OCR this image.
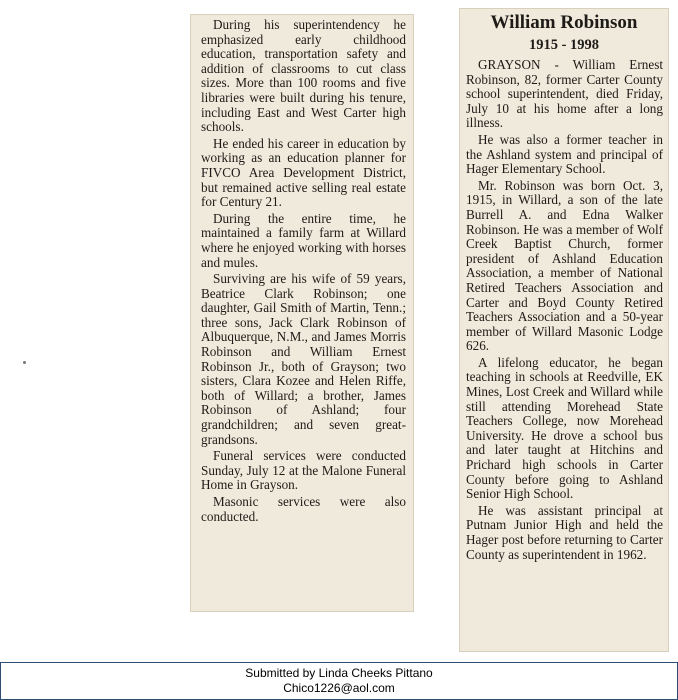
During his superintendency he emphasized early childhood education, transportation safety and addition of classrooms to cut class sizes. More than 100 rooms and five libraries were built during his tenure, including East and West Carter high schools.

He ended his career in education by working as an education planner for FIVCO Area Development District, but remained active selling real estate for Century 21.

During the entire time, he maintained a family farm at Willard where he enjoyed working with horses and mules.

Surviving are his wife of 59 years, Beatrice Clark Robinson; one daughter, Gail Smith of Martin, Tenn.; three sons, Jack Clark Robinson of Albuquerque, N.M., and James Morris Robinson and William Ernest Robinson Jr., both of Grayson; two sisters, Clara Kozee and Helen Riffe, both of Willard; a brother, James Robinson of Ashland; four grandchildren; and seven great-grandsons.

Funeral services were conducted Sunday, July 12 at the Malone Funeral Home in Grayson.

Masonic services were also conducted.

William Robinson
1915 - 1998

GRAYSON - William Ernest Robinson, 82, former Carter County school superintendent, died Friday, July 10 at his home after a long illness.

He was also a former teacher in the Ashland system and principal of Hager Elementary School.

Mr. Robinson was born Oct. 3, 1915, in Willard, a son of the late Burrell A. and Edna Walker Robinson. He was a member of Wolf Creek Baptist Church, former president of Ashland Education Association, a member of National Retired Teachers Association and Carter and Boyd County Retired Teachers Association and a 50-year member of Willard Masonic Lodge 626.

A lifelong educator, he began teaching in schools at Reedville, EK Mines, Lost Creek and Willard while still attending Morehead State Teachers College, now Morehead University. He drove a school bus and later taught at Hitchins and Prichard high schools in Carter County before going to Ashland Senior High School.

He was assistant principal at Putnam Junior High and held the Hager post before returning to Carter County as superintendent in 1962.

Submitted by Linda Cheeks Pittano
Chico1226@aol.com
